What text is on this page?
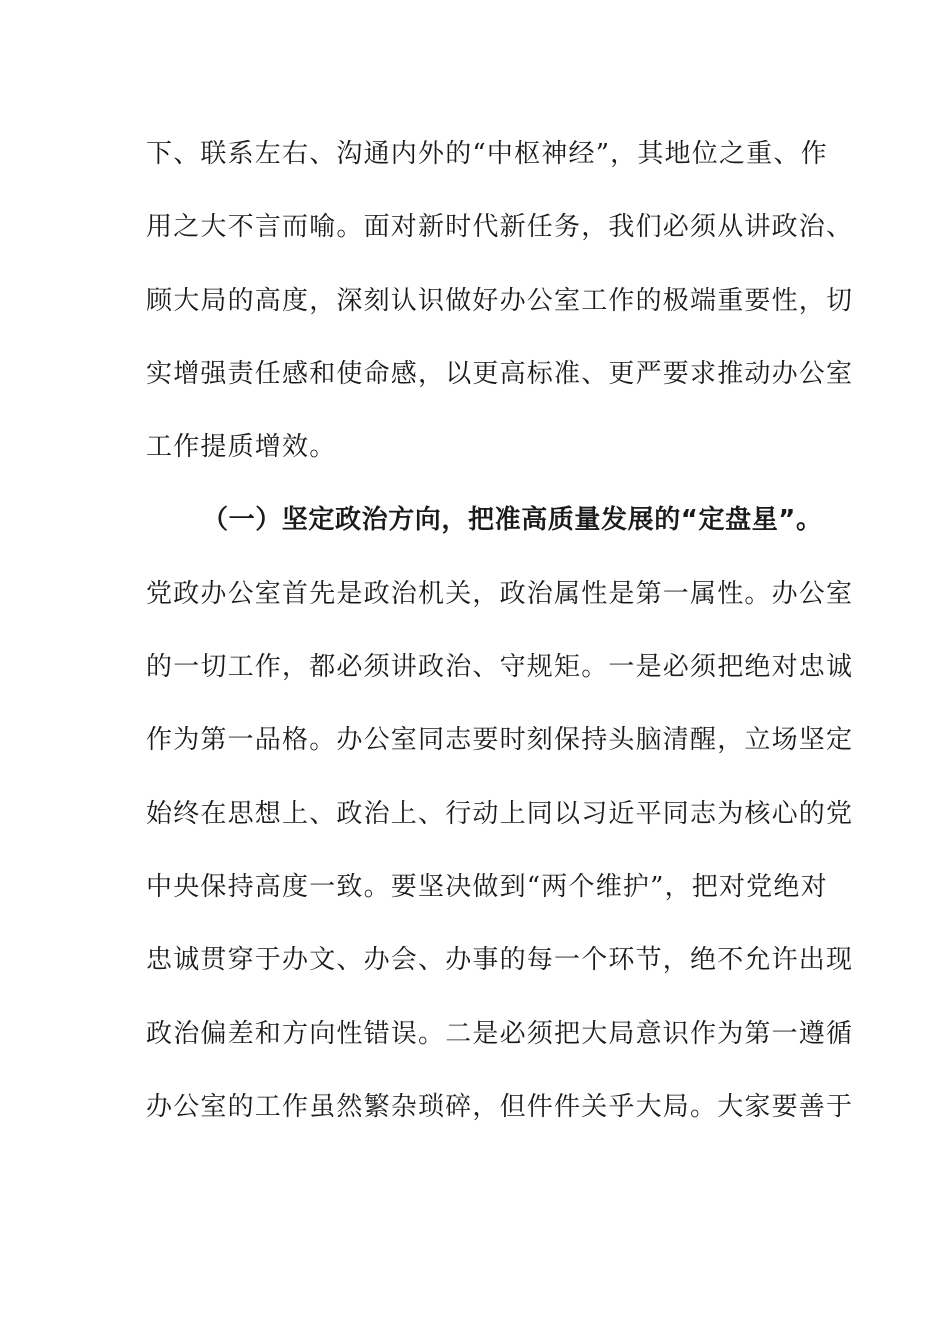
下、联系左右、沟通内外的“中枢神经”，其地位之重、作
用之大不言而喻。面对新时代新任务，我们必须从讲政治、
顾大局的高度，深刻认识做好办公室工作的极端重要性，切
实增强责任感和使命感，以更高标准、更严要求推动办公室
工作提质增效。
（一）坚定政治方向，把准高质量发展的“定盘星”。
党政办公室首先是政治机关，政治属性是第一属性。办公室
的一切工作，都必须讲政治、守规矩。一是必须把绝对忠诚
作为第一品格。办公室同志要时刻保持头脑清醒，立场坚定
始终在思想上、政治上、行动上同以习近平同志为核心的党
中央保持高度一致。要坚决做到“两个维护”，把对党绝对
忠诚贯穿于办文、办会、办事的每一个环节，绝不允许出现
政治偏差和方向性错误。二是必须把大局意识作为第一遵循
办公室的工作虽然繁杂琐碎，但件件关乎大局。大家要善于
